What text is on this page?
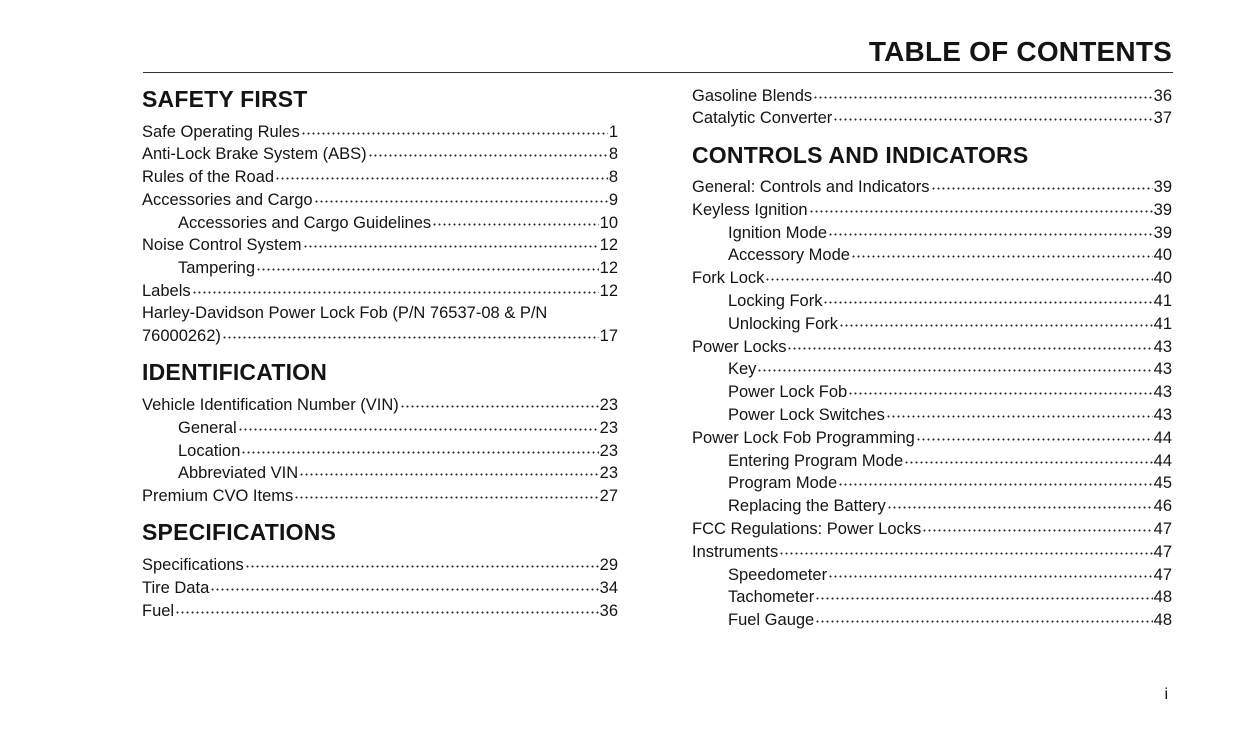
TABLE OF CONTENTS
SAFETY FIRST
Safe Operating Rules	1
Anti-Lock Brake System (ABS)	8
Rules of the Road	8
Accessories and Cargo	9
Accessories and Cargo Guidelines	10
Noise Control System	12
Tampering	12
Labels	12
Harley-Davidson Power Lock Fob (P/N 76537-08 & P/N
76000262)	17
IDENTIFICATION
Vehicle Identification Number (VIN)	23
General	23
Location	23
Abbreviated VIN	23
Premium CVO Items	27
SPECIFICATIONS
Specifications	29
Tire Data	34
Fuel	36
Gasoline Blends	36
Catalytic Converter	37
CONTROLS AND INDICATORS
General: Controls and Indicators	39
Keyless Ignition	39
Ignition Mode	39
Accessory Mode	40
Fork Lock	40
Locking Fork	41
Unlocking Fork	41
Power Locks	43
Key	43
Power Lock Fob	43
Power Lock Switches	43
Power Lock Fob Programming	44
Entering Program Mode	44
Program Mode	45
Replacing the Battery	46
FCC Regulations: Power Locks	47
Instruments	47
Speedometer	47
Tachometer	48
Fuel Gauge	48
i
